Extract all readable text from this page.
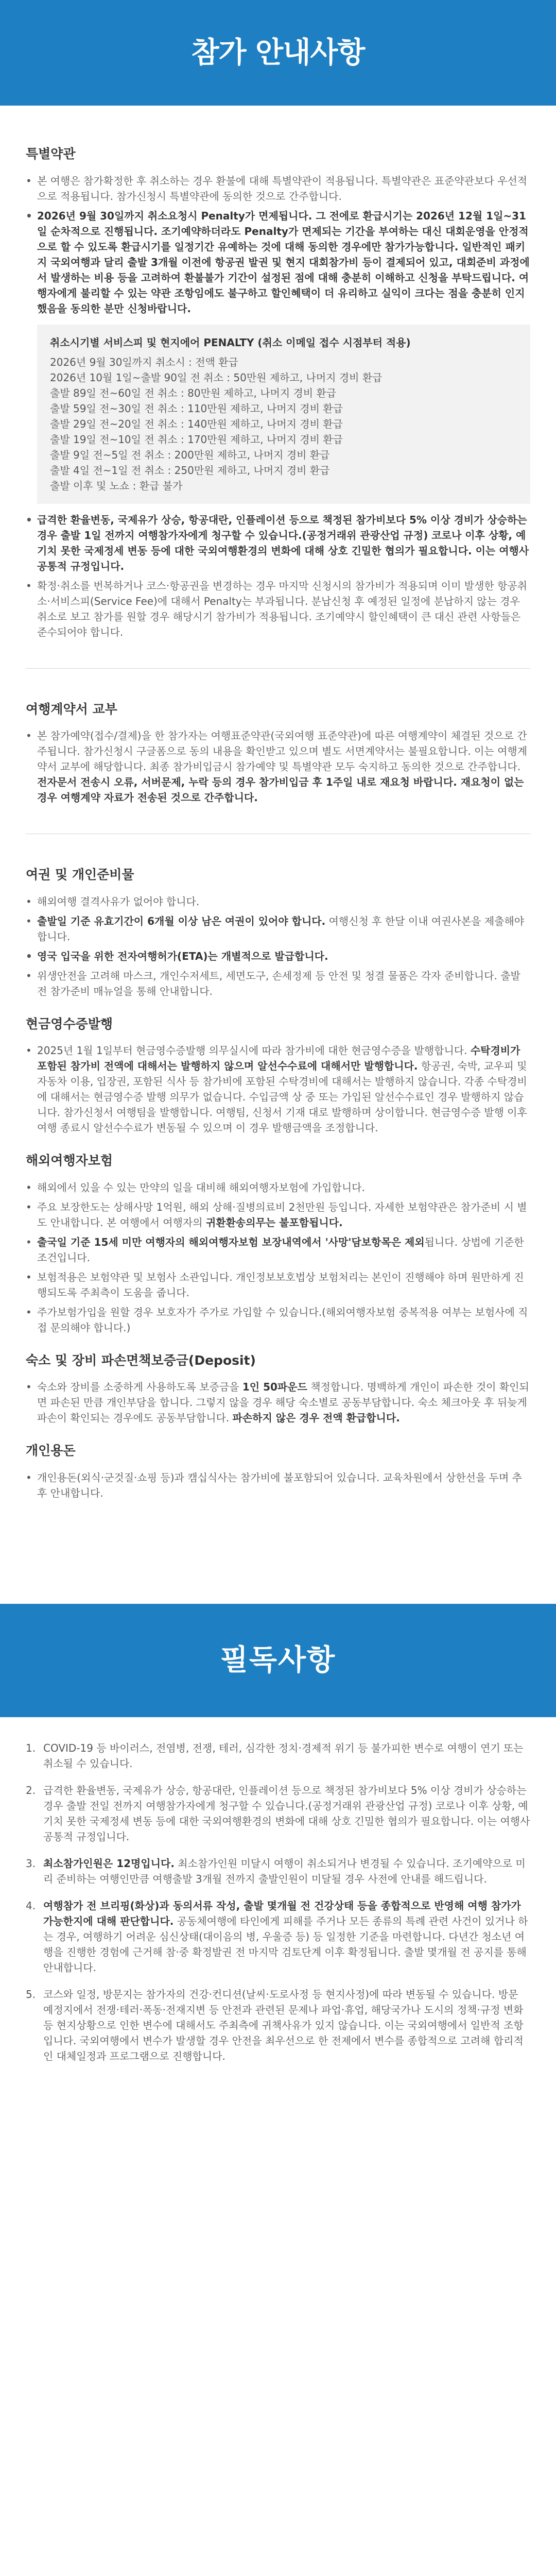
참가 안내사항
특별약관
• 본 여행은 참가확정한 후 취소하는 경우 환불에 대해 특별약관이 적용됩니다. 특별약관은 표준약관보다 우선적으로 적용됩니다. 참가신청시 특별약관에 동의한 것으로 간주합니다.
• 2026년 9월 30일까지 취소요청시 Penalty가 면제됩니다. 그 전에로 환급시기는 2026년 12월 1일~31일 순차적으로 진행됩니다. 조기예약하더라도 Penalty가 면제되는 기간을 부여하는 대신 대회운영을 안정적으로 할 수 있도록 환급시기를 일정기간 유예하는 것에 대해 동의한 경우에만 참가가능합니다. 일반적인 패키지 국외여행과 달리 출발 3개월 이전에 항공권 발권 및 현지 대회참가비 등이 결제되어 있고, 대회준비 과정에서 발생하는 비용 등을 고려하여 환불불가 기간이 설정된 점에 대해 충분히 이해하고 신청을 부탁드립니다. 여행자에게 불리할 수 있는 약관 조항임에도 불구하고 할인혜택이 더 유리하고 실익이 크다는 점을 충분히 인지했음을 동의한 분만 신청바랍니다.
취소시기별 서비스피 및 현지에어 PENALTY (취소 이메일 접수 시점부터 적용)
2026년 9월 30일까지 취소시 : 전액 환급
2026년 10월 1일~출발 90일 전 취소 : 50만원 제하고, 나머지 경비 환급
출발 89일 전~60일 전 취소 : 80만원 제하고, 나머지 경비 환급
출발 59일 전~30일 전 취소 : 110만원 제하고, 나머지 경비 환급
출발 29일 전~20일 전 취소 : 140만원 제하고, 나머지 경비 환급
출발 19일 전~10일 전 취소 : 170만원 제하고, 나머지 경비 환급
출발 9일 전~5일 전 취소 : 200만원 제하고, 나머지 경비 환급
출발 4일 전~1일 전 취소 : 250만원 제하고, 나머지 경비 환급
출발 이후 및 노쇼 : 환급 불가
• 급격한 환율변동, 국제유가 상승, 항공대란, 인플레이션 등으로 책정된 참가비보다 5% 이상 경비가 상승하는 경우 출발 1일 전까지 여행참가자에게 청구할 수 있습니다.(공정거래위 관광산업 규정) 코로나 이후 상황, 예기치 못한 국제정세 변동 등에 대한 국외여행환경의 변화에 대해 상호 긴밀한 협의가 필요합니다. 이는 여행사 공통적 규정입니다.
• 확정·취소를 번복하거나 코스·항공권을 변경하는 경우 마지막 신청시의 참가비가 적용되며 이미 발생한 항공취소·서비스피(Service Fee)에 대해서 Penalty는 부과됩니다. 분납신청 후 예정된 일정에 분납하지 않는 경우 취소로 보고 참가를 원할 경우 해당시기 참가비가 적용됩니다. 조기예약시 할인혜택이 큰 대신 관련 사항들은 준수되어야 합니다.
여행계약서 교부
• 본 참가예약(접수/결제)을 한 참가자는 여행표준약관(국외여행 표준약관)에 따른 여행계약이 체결된 것으로 간주됩니다. 참가신청시 구글폼으로 동의 내용을 확인받고 있으며 별도 서면계약서는 불필요합니다. 이는 여행계약서 교부에 해당합니다. 최종 참가비입금시 참가예약 및 특별약관 모두 숙지하고 동의한 것으로 간주합니다. 전자문서 전송시 오류, 서버문제, 누락 등의 경우 참가비입금 후 1주일 내로 재요청 바랍니다. 재요청이 없는 경우 여행계약 자료가 전송된 것으로 간주합니다.
여권 및 개인준비물
• 해외여행 결격사유가 없어야 합니다.
• 출발일 기준 유효기간이 6개월 이상 남은 여권이 있어야 합니다. 여행신청 후 한달 이내 여권사본을 제출해야 합니다.
• 영국 입국을 위한 전자여행허가(ETA)는 개별적으로 발급합니다.
• 위생안전을 고려해 마스크, 개인수저세트, 세면도구, 손세정제 등 안전 및 청결 물품은 각자 준비합니다. 출발 전 참가준비 매뉴얼을 통해 안내합니다.
현금영수증발행
• 2025년 1월 1일부터 현금영수증발행 의무실시에 따라 참가비에 대한 현금영수증을 발행합니다. 수탁경비가 포함된 참가비 전액에 대해서는 발행하지 않으며 알선수수료에 대해서만 발행합니다. 항공권, 숙박, 교우피 및 자동차 이용, 입장권, 포함된 식사 등 참가비에 포함된 수탁경비에 대해서는 발행하지 않습니다. 각종 수탁경비에 대해서는 현금영수증 발행 의무가 없습니다. 수입금액 상 중 또는 가입된 알선수수료인 경우 발행하지 않습니다. 참가신청서 여행팀을 발행합니다. 여행팀, 신청서 기재 대로 발행하며 상이합니다. 현금영수증 발행 이후 여행 종료시 알선수수료가 변동될 수 있으며 이 경우 발행금액을 조정합니다.
해외여행자보험
• 해외에서 있을 수 있는 만약의 일을 대비해 해외여행자보험에 가입합니다.
• 주요 보장한도는 상해사망 1억원, 해외 상해·질병의료비 2천만원 등입니다. 자세한 보험약관은 참가준비 시 별도 안내합니다. 본 여행에서 여행자의 귀환환송의무는 불포함됩니다.
• 출국일 기준 15세 미만 여행자의 해외여행자보험 보장내역에서 '사망'담보항목은 제외됩니다. 상법에 기준한 조건입니다.
• 보험적용은 보험약관 및 보험사 소관입니다. 개인정보보호법상 보험처리는 본인이 진행해야 하며 원만하게 진행되도록 주최측이 도움을 줍니다.
• 주가보험가입을 원할 경우 보호자가 주가로 가입할 수 있습니다.(해외여행자보험 중복적용 여부는 보험사에 직접 문의해야 합니다.)
숙소 및 장비 파손면책보증금(Deposit)
• 숙소와 장비를 소중하게 사용하도록 보증금을 1인 50파운드 책정합니다. 명백하게 개인이 파손한 것이 확인되면 파손된 만큼 개인부담을 합니다. 그렇지 않을 경우 해당 숙소별로 공동부담합니다. 숙소 체크아웃 후 뒤늦게 파손이 확인되는 경우에도 공동부담합니다. 파손하지 않은 경우 전액 환급합니다.
개인용돈
• 개인용돈(외식·군것질·쇼핑 등)과 캠십식사는 참가비에 불포함되어 있습니다. 교육차원에서 상한선을 두며 추후 안내합니다.
필독사항
1. COVID-19 등 바이러스, 전염병, 전쟁, 테러, 심각한 정치·경제적 위기 등 불가피한 변수로 여행이 연기 또는 취소될 수 있습니다.
2. 급격한 환율변동, 국제유가 상승, 항공대란, 인플레이션 등으로 책정된 참가비보다 5% 이상 경비가 상승하는 경우 출발 전일 전까지 여행참가자에게 청구할 수 있습니다.(공정거래위 관광산업 규정) 코로나 이후 상황, 예기치 못한 국제정세 변동 등에 대한 국외여행환경의 변화에 대해 상호 긴밀한 협의가 필요합니다. 이는 여행사 공통적 규정입니다.
3. 최소참가인원은 12명입니다. 최소참가인원 미달시 여행이 취소되거나 변경될 수 있습니다. 조기예약으로 미리 준비하는 여행인만큼 여행출발 3개월 전까지 출발인원이 미달될 경우 사전에 안내를 해드립니다.
4. 여행참가 전 브리핑(화상)과 동의서류 작성, 출발 몇개월 전 건강상태 등을 종합적으로 반영해 여행 참가가 가능한지에 대해 판단합니다. 공동체여행에 타인에게 피해를 주거나 모든 종류의 특례 관련 사건이 있거나 하는 경우, 여행하기 어려운 심신상태(대이음의 병, 우울증 등) 등 일정한 기준을 마련합니다. 다년간 청소년 여행을 진행한 경험에 근거해 참·중 확정발권 전 마지막 검토단계 이후 확정됩니다. 출발 몇개월 전 공지를 통해 안내합니다.
5. 코스와 일정, 방문지는 참가자의 건강·컨디션(날씨·도로사정 등 현지사정)에 따라 변동될 수 있습니다. 방문 예정지에서 전쟁·테러·폭동·전재지변 등 안전과 관련된 문제나 파업·휴업, 해당국가나 도시의 정책·규정 변화 등 현지상황으로 인한 변수에 대해서도 주최측에 귀책사유가 있지 않습니다. 이는 국외여행에서 일반적 조항입니다. 국외여행에서 변수가 발생할 경우 안전을 최우선으로 한 전제에서 변수를 종합적으로 고려해 합리적인 대체일정과 프로그램으로 진행합니다.
